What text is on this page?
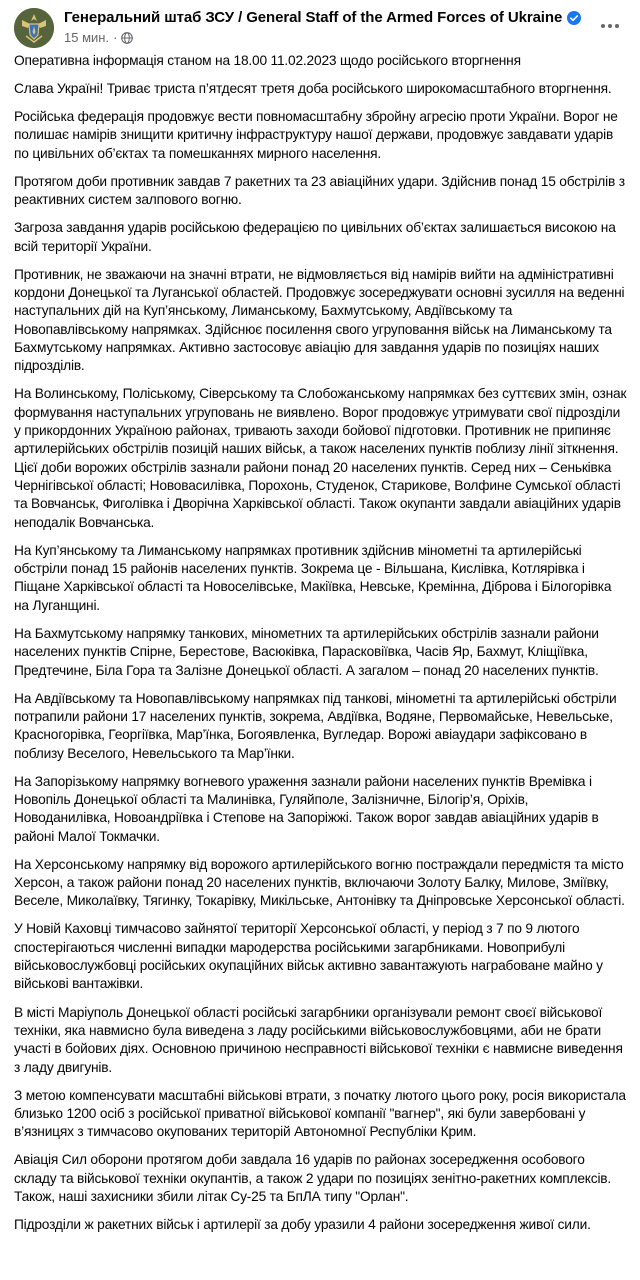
Генеральний штаб ЗСУ / General Staff of the Armed Forces of Ukraine
15 мин. ·

Оперативна інформація станом на 18.00 11.02.2023 щодо російського вторгнення

Слава Україні! Триває триста п’ятдесят третя доба російського широкомасштабного вторгнення.

Російська федерація продовжує вести повномасштабну збройну агресію проти України. Ворог не полишає намірів знищити критичну інфраструктуру нашої держави, продовжує завдавати ударів по цивільних об’єктах та помешканнях мирного населення.

Протягом доби противник завдав 7 ракетних та 23 авіаційних удари. Здійснив понад 15 обстрілів з реактивних систем залпового вогню.

Загроза завдання ударів російською федерацією по цивільних об’єктах залишається високою на всій території України.

Противник, не зважаючи на значні втрати, не відмовляється від намірів вийти на адміністративні кордони Донецької та Луганської областей. Продовжує зосереджувати основні зусилля на веденні наступальних дій на Куп’янському, Лиманському, Бахмутському, Авдіївському та Новопавлівському напрямках. Здійснює посилення свого угруповання військ на Лиманському та Бахмутському напрямках. Активно застосовує авіацію для завдання ударів по позиціях наших підрозділів.

На Волинському, Поліському, Сіверському та Слобожанському напрямках без суттєвих змін, ознак формування наступальних угруповань не виявлено. Ворог продовжує утримувати свої підрозділи у прикордонних Україною районах, тривають заходи бойової підготовки. Противник не припиняє артилерійських обстрілів позицій наших військ, а також населених пунктів поблизу лінії зіткнення. Цієї доби ворожих обстрілів зазнали райони понад 20 населених пунктів. Серед них – Сеньківка Чернігівської області; Нововасилівка, Порохонь, Студенок, Старикове, Волфине Сумської області та Вовчанськ, Фиголівка і Дворічна Харківської області. Також окупанти завдали авіаційних ударів неподалік Вовчанська.

На Куп’янському та Лиманському напрямках противник здійснив мінометні та артилерійські обстріли понад 15 районів населених пунктів. Зокрема це - Вільшана, Кислівка, Котлярівка і Піщане Харківської області та Новоселівське, Макіївка, Невське, Кремінна, Діброва і Білогорівка на Луганщині.

На Бахмутському напрямку танкових, мінометних та артилерійських обстрілів зазнали райони населених пунктів Спірне, Берестове, Васюківка, Парасковіївка, Часів Яр, Бахмут, Кліщіївка, Предтечине, Біла Гора та Залізне Донецької області. А загалом – понад 20 населених пунктів.

На Авдіївському та Новопавлівському напрямках під танкові, мінометні та артилерійські обстріли потрапили райони 17 населених пунктів, зокрема, Авдіївка, Водяне, Первомайське, Невельське, Красногорівка, Георгіївка, Мар’їнка, Богоявленка, Вугледар. Ворожі авіаудари зафіксовано в поблизу Веселого, Невельського та Мар’їнки.

На Запорізькому напрямку вогневого ураження зазнали райони населених пунктів Времівка і Новопіль Донецької області та Малинівка, Гуляйполе, Залізничне, Білогір’я, Оріхів, Новоданилівка, Новоандріївка і Степове на Запоріжжі. Також ворог завдав авіаційних ударів в районі Малої Токмачки.

На Херсонському напрямку від ворожого артилерійського вогню постраждали передмістя та місто Херсон, а також райони понад 20 населених пунктів, включаючи Золоту Балку, Милове, Зміївку, Веселе, Миколаївку, Тягинку, Токарівку, Микільське, Антонівку та Дніпровське Херсонської області.

У Новій Каховці тимчасово зайнятої території Херсонської області, у період з 7 по 9 лютого спостерігаються численні випадки мародерства російськими загарбниками. Новоприбулі військовослужбовці російських окупаційних військ активно завантажують награбоване майно у військові вантажівки.

В місті Маріуполь Донецької області російські загарбники організували ремонт своєї військової техніки, яка навмисно була виведена з ладу російськими військовослужбовцями, аби не брати участі в бойових діях. Основною причиною несправності військової техніки є навмисне виведення з ладу двигунів.

З метою компенсувати масштабні військові втрати, з початку лютого цього року, росія використала близько 1200 осіб з російської приватної військової компанії "вагнер", які були завербовані у в’язницях з тимчасово окупованих територій Автономної Республіки Крим.

Авіація Сил оборони протягом доби завдала 16 ударів по районах зосередження особового складу та військової техніки окупантів, а також 2 удари по позиціях зенітно-ракетних комплексів. Також, наші захисники збили літак Су-25 та БпЛА типу "Орлан".

Підрозділи ж ракетних військ і артилерії за добу уразили 4 райони зосередження живої сили.
